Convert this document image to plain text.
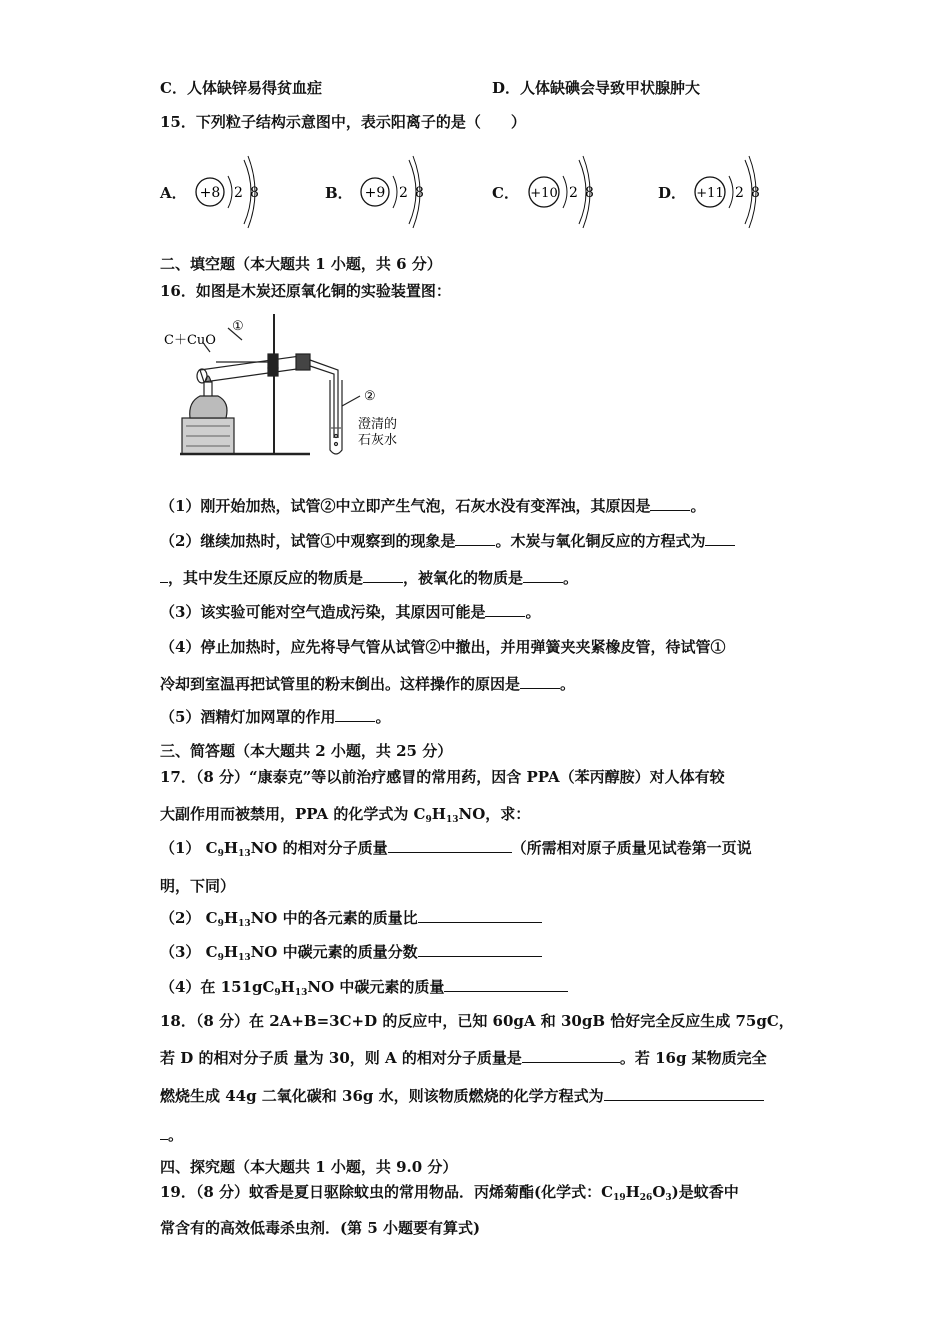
C．人体缺锌易得贫血症	D．人体缺碘会导致甲状腺肿大
15．下列粒子结构示意图中，表示阳离子的是（　　）
A． +8 2 8	B． +9 2 8	C． +10 2 8	D． +11 2 8
二、填空题（本大题共 1 小题，共 6 分）
16．如图是木炭还原氧化铜的实验装置图：
C＋CuO
①
②
澄清的
石灰水
（1）刚开始加热，试管②中立即产生气泡，石灰水没有变浑浊，其原因是	。
（2）继续加热时，试管①中观察到的现象是	。木炭与氧化铜反应的方程式为
，其中发生还原反应的物质是	，被氧化的物质是	。
（3）该实验可能对空气造成污染，其原因可能是	。
（4）停止加热时，应先将导气管从试管②中撤出，并用弹簧夹夹紧橡皮管，待试管①
冷却到室温再把试管里的粉末倒出。这样操作的原因是	。
（5）酒精灯加网罩的作用	。
三、简答题（本大题共 2 小题，共 25 分）
17．（8 分）“康泰克”等以前治疗感冒的常用药，因含 PPA（苯丙醇胺）对人体有较
大副作用而被禁用，PPA 的化学式为 $C_9H_{13}NO$，求：
（1） $C_9H_{13}NO$ 的相对分子质量	（所需相对原子质量见试卷第一页说
明，下同）
（2） $C_9H_{13}NO$ 中的各元素的质量比
（3） $C_9H_{13}NO$ 中碳元素的质量分数
（4）在 $151gC_9H_{13}NO$ 中碳元素的质量
18．（8 分）在 2A+B=3C+D 的反应中，已知 60gA 和 30gB 恰好完全反应生成 75gC，
若 D 的相对分子质 量为 30，则 A 的相对分子质量是	。若 16g 某物质完全
燃烧生成 44g 二氧化碳和 36g 水，则该物质燃烧的化学方程式为
。
四、探究题（本大题共 1 小题，共 9.0 分）
19．（8 分）蚊香是夏日驱除蚊虫的常用物品．丙烯菊酯(化学式：$C_{19}H_{26}O_3$)是蚊香中
常含有的高效低毒杀虫剂．(第 5 小题要有算式)
